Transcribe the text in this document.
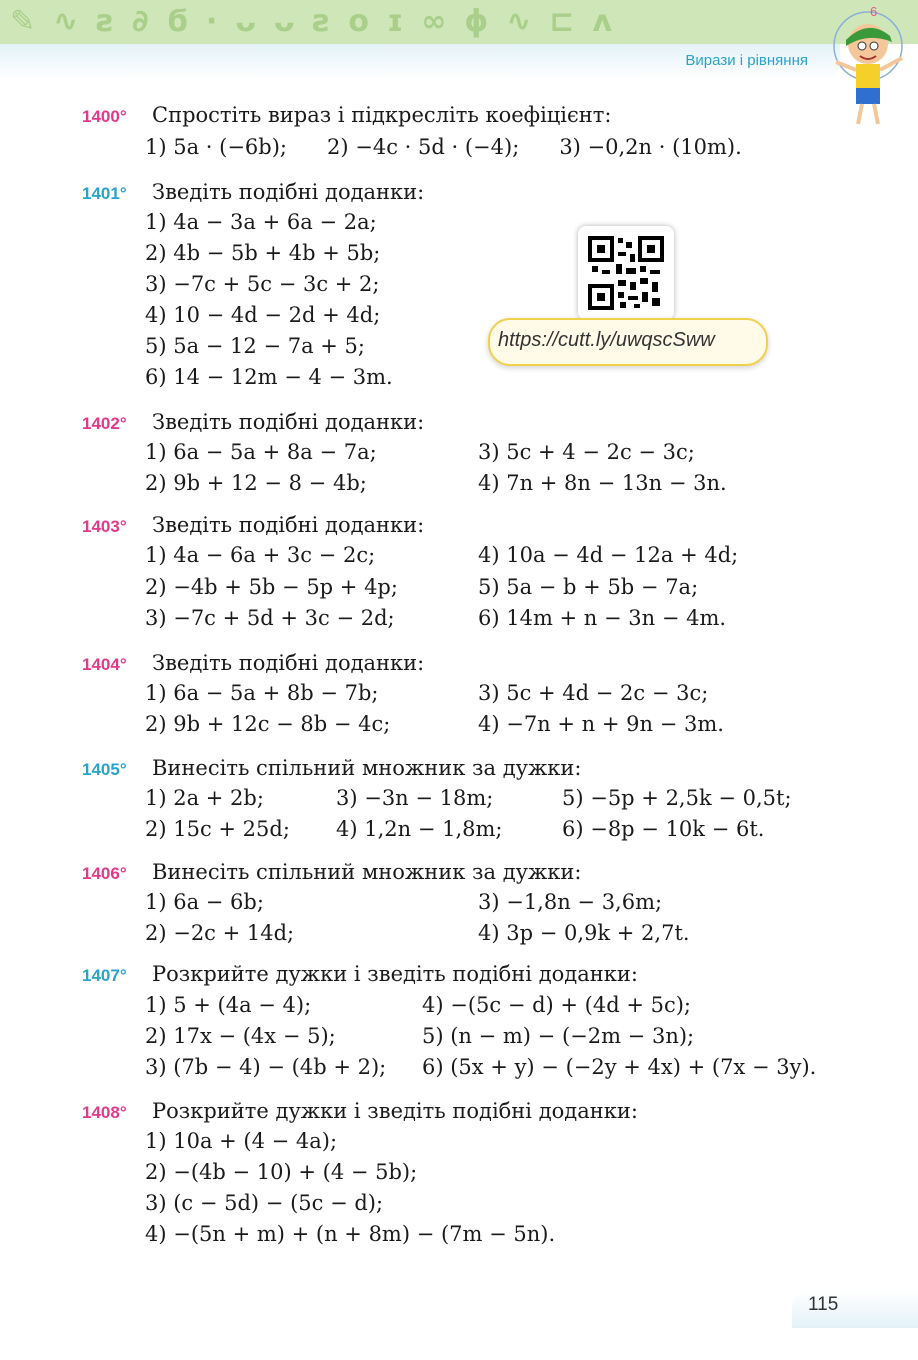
✎∿ƨ∂ϭ·ᴗᴗƨoɪ∞ɸ∿⊏ʌ
Вирази і рівняння
6
1400° Спростіть вираз і підкресліть коефіцієнт:
1) 5a · (−6b);      2) −4c · 5d · (−4);      3) −0,2n · (10m).
1401° Зведіть подібні доданки:
1) 4a − 3a + 6a − 2a;
2) 4b − 5b + 4b + 5b;
3) −7c + 5c − 3c + 2;
4) 10 − 4d − 2d + 4d;
5) 5a − 12 − 7a + 5;
6) 14 − 12m − 4 − 3m.
https://cutt.ly/uwqscSww
1402° Зведіть подібні доданки:
1) 6a − 5a + 8a − 7a;
2) 9b + 12 − 8 − 4b;
3) 5c + 4 − 2c − 3c;
4) 7n + 8n − 13n − 3n.
1403° Зведіть подібні доданки:
1) 4a − 6a + 3c − 2c;
2) −4b + 5b − 5p + 4p;
3) −7c + 5d + 3c − 2d;
4) 10a − 4d − 12a + 4d;
5) 5a − b + 5b − 7a;
6) 14m + n − 3n − 4m.
1404° Зведіть подібні доданки:
1) 6a − 5a + 8b − 7b;
2) 9b + 12c − 8b − 4c;
3) 5c + 4d − 2c − 3c;
4) −7n + n + 9n − 3m.
1405° Винесіть спільний множник за дужки:
1) 2a + 2b;
2) 15c + 25d;
3) −3n − 18m;
4) 1,2n − 1,8m;
5) −5p + 2,5k − 0,5t;
6) −8p − 10k − 6t.
1406° Винесіть спільний множник за дужки:
1) 6a − 6b;
2) −2c + 14d;
3) −1,8n − 3,6m;
4) 3p − 0,9k + 2,7t.
1407° Розкрийте дужки і зведіть подібні доданки:
1) 5 + (4a − 4);
2) 17x − (4x − 5);
3) (7b − 4) − (4b + 2);
4) −(5c − d) + (4d + 5c);
5) (n − m) − (−2m − 3n);
6) (5x + y) − (−2y + 4x) + (7x − 3y).
1408° Розкрийте дужки і зведіть подібні доданки:
1) 10a + (4 − 4a);
2) −(4b − 10) + (4 − 5b);
3) (c − 5d) − (5c − d);
4) −(5n + m) + (n + 8m) − (7m − 5n).
115
